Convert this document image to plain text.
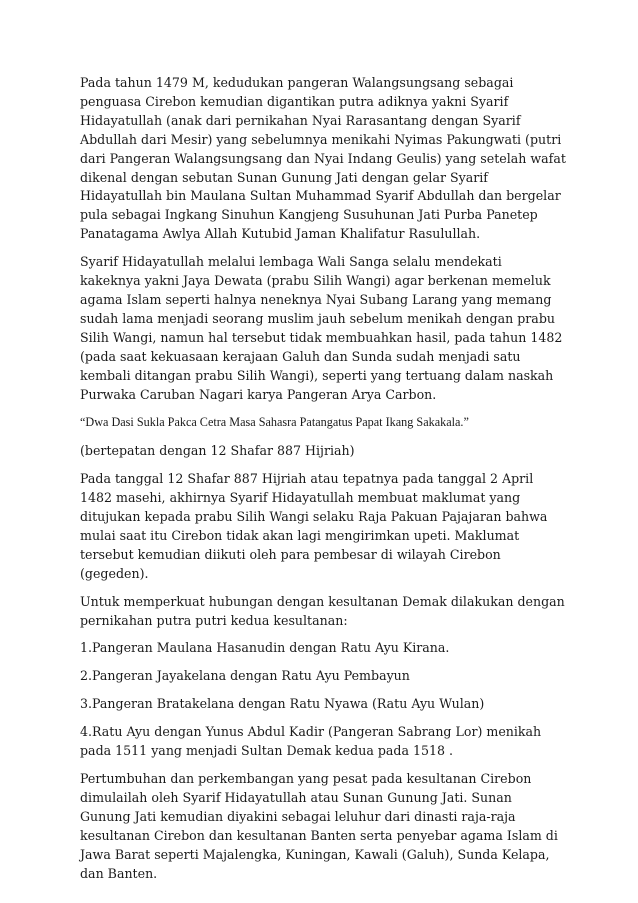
Pada tahun 1479 M, kedudukan pangeran Walangsungsang sebagai penguasa Cirebon kemudian digantikan putra adiknya yakni Syarif Hidayatullah (anak dari pernikahan Nyai Rarasantang dengan Syarif Abdullah dari Mesir) yang sebelumnya menikahi Nyimas Pakungwati (putri dari Pangeran Walangsungsang dan Nyai Indang Geulis) yang setelah wafat dikenal dengan sebutan Sunan Gunung Jati dengan gelar Syarif Hidayatullah bin Maulana Sultan Muhammad Syarif Abdullah dan bergelar pula sebagai Ingkang Sinuhun Kangjeng Susuhunan Jati Purba Panetep Panatagama Awlya Allah Kutubid Jaman Khalifatur Rasulullah.

Syarif Hidayatullah melalui lembaga Wali Sanga selalu mendekati kakeknya yakni Jaya Dewata (prabu Silih Wangi) agar berkenan memeluk agama Islam seperti halnya neneknya Nyai Subang Larang yang memang sudah lama menjadi seorang muslim jauh sebelum menikah dengan prabu Silih Wangi, namun hal tersebut tidak membuahkan hasil, pada tahun 1482 (pada saat kekuasaan kerajaan Galuh dan Sunda sudah menjadi satu kembali ditangan prabu Silih Wangi), seperti yang tertuang dalam naskah Purwaka Caruban Nagari karya Pangeran Arya Carbon.

“Dwa Dasi Sukla Pakca Cetra Masa Sahasra Patangatus Papat Ikang Sakakala.”

(bertepatan dengan 12 Shafar 887 Hijriah)

Pada tanggal 12 Shafar 887 Hijriah atau tepatnya pada tanggal 2 April 1482 masehi, akhirnya Syarif Hidayatullah membuat maklumat yang ditujukan kepada prabu Silih Wangi selaku Raja Pakuan Pajajaran bahwa mulai saat itu Cirebon tidak akan lagi mengirimkan upeti. Maklumat tersebut kemudian diikuti oleh para pembesar di wilayah Cirebon (gegeden).

Untuk memperkuat hubungan dengan kesultanan Demak dilakukan dengan pernikahan putra putri kedua kesultanan:

1.Pangeran Maulana Hasanudin dengan Ratu Ayu Kirana.

2.Pangeran Jayakelana dengan Ratu Ayu Pembayun

3.Pangeran Bratakelana dengan Ratu Nyawa (Ratu Ayu Wulan)

4.Ratu Ayu dengan Yunus Abdul Kadir (Pangeran Sabrang Lor) menikah pada 1511 yang menjadi Sultan Demak kedua pada 1518 .

Pertumbuhan dan perkembangan yang pesat pada kesultanan Cirebon dimulailah oleh Syarif Hidayatullah atau Sunan Gunung Jati. Sunan Gunung Jati kemudian diyakini sebagai leluhur dari dinasti raja-raja kesultanan Cirebon dan kesultanan Banten serta penyebar agama Islam di Jawa Barat seperti Majalengka, Kuningan, Kawali (Galuh), Sunda Kelapa, dan Banten.
